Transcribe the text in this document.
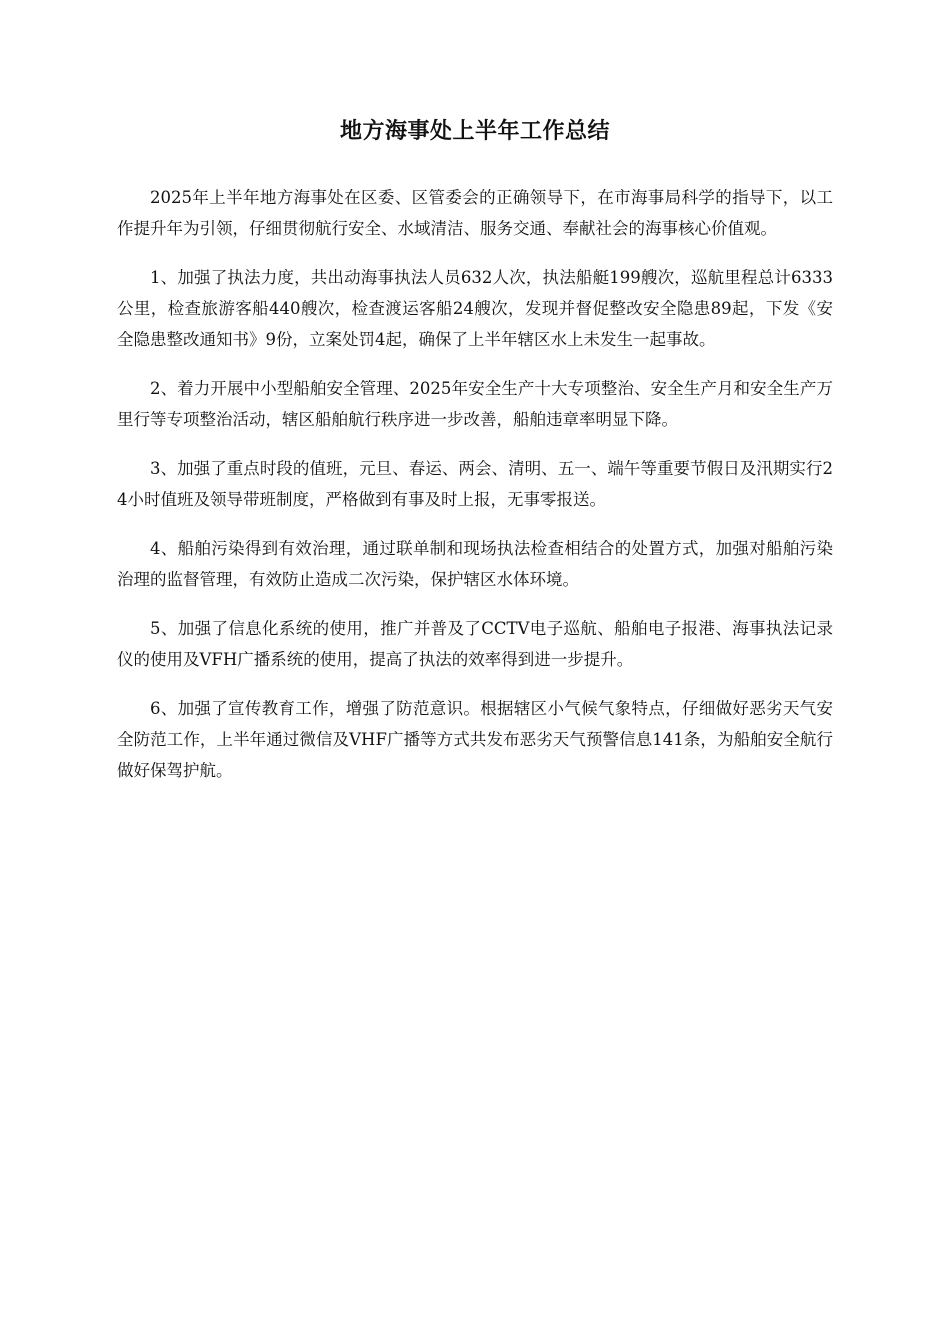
地方海事处上半年工作总结

2025年上半年地方海事处在区委、区管委会的正确领导下，在市海事局科学的指导下，以工作提升年为引领，仔细贯彻航行安全、水域清洁、服务交通、奉献社会的海事核心价值观。

1、加强了执法力度，共出动海事执法人员632人次，执法船艇199艘次，巡航里程总计6333公里，检查旅游客船440艘次，检查渡运客船24艘次，发现并督促整改安全隐患89起，下发《安全隐患整改通知书》9份，立案处罚4起，确保了上半年辖区水上未发生一起事故。

2、着力开展中小型船舶安全管理、2025年安全生产十大专项整治、安全生产月和安全生产万里行等专项整治活动，辖区船舶航行秩序进一步改善，船舶违章率明显下降。

3、加强了重点时段的值班，元旦、春运、两会、清明、五一、端午等重要节假日及汛期实行24小时值班及领导带班制度，严格做到有事及时上报，无事零报送。

4、船舶污染得到有效治理，通过联单制和现场执法检查相结合的处置方式，加强对船舶污染治理的监督管理，有效防止造成二次污染，保护辖区水体环境。

5、加强了信息化系统的使用，推广并普及了CCTV电子巡航、船舶电子报港、海事执法记录仪的使用及VFH广播系统的使用，提高了执法的效率得到进一步提升。

6、加强了宣传教育工作，增强了防范意识。根据辖区小气候气象特点，仔细做好恶劣天气安全防范工作，上半年通过微信及VHF广播等方式共发布恶劣天气预警信息141条，为船舶安全航行做好保驾护航。
